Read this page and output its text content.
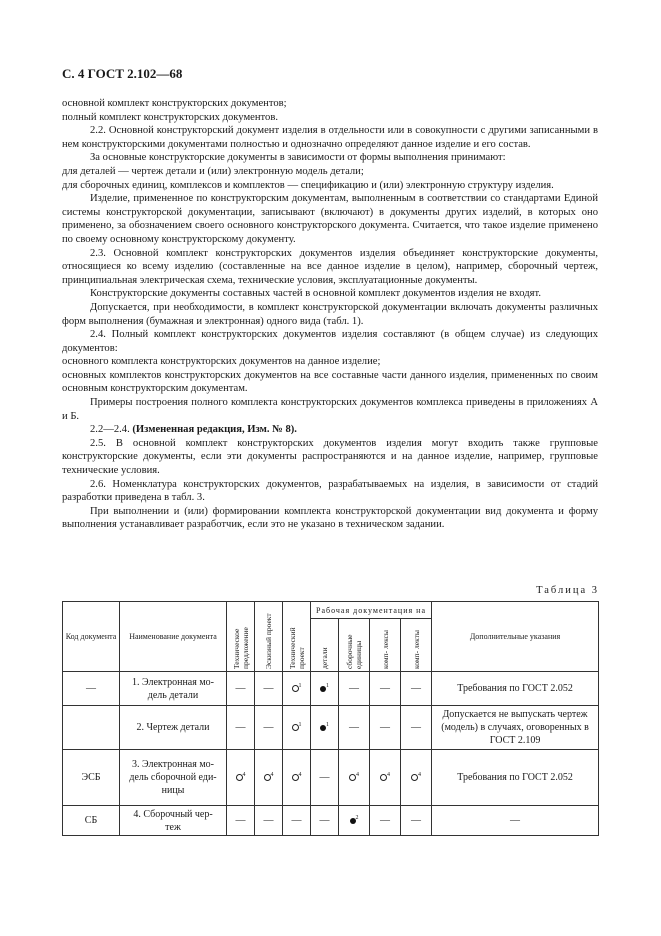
С. 4 ГОСТ 2.102—68

основной комплект конструкторских документов;

полный комплект конструкторских документов.

2.2. Основной конструкторский документ изделия в отдельности или в совокупности с другими записанными в нем конструкторскими документами полностью и однозначно определяют данное изделие и его состав.

За основные конструкторские документы в зависимости от формы выполнения принимают:

для деталей — чертеж детали и (или) электронную модель детали;

для сборочных единиц, комплексов и комплектов — спецификацию и (или) электронную структуру изделия.

Изделие, примененное по конструкторским документам, выполненным в соответствии со стандартами Единой системы конструкторской документации, записывают (включают) в документы других изделий, в которых оно применено, за обозначением своего основного конструкторского документа. Считается, что такое изделие применено по своему основному конструкторскому документу.

2.3. Основной комплект конструкторских документов изделия объединяет конструкторские документы, относящиеся ко всему изделию (составленные на все данное изделие в целом), например, сборочный чертеж, принципиальная электрическая схема, технические условия, эксплуатационные документы.

Конструкторские документы составных частей в основной комплект документов изделия не входят.

Допускается, при необходимости, в комплект конструкторской документации включать документы различных форм выполнения (бумажная и электронная) одного вида (табл. 1).

2.4. Полный комплект конструкторских документов изделия составляют (в общем случае) из следующих документов:

основного комплекта конструкторских документов на данное изделие;

основных комплектов конструкторских документов на все составные части данного изделия, примененных по своим основным конструкторским документам.

Примеры построения полного комплекта конструкторских документов комплекса приведены в приложениях А и Б.

2.2—2.4. (Измененная редакция, Изм. № 8).

2.5. В основной комплект конструкторских документов изделия могут входить также групповые конструкторские документы, если эти документы распространяются и на данное изделие, например, групповые технические условия.

2.6. Номенклатура конструкторских документов, разрабатываемых на изделия, в зависимости от стадий разработки приведена в табл. 3.

При выполнении и (или) формировании комплекта конструкторской документации вид документа и форму выполнения устанавливает разработчик, если это не указано в техническом задании.

Таблица 3
Код документа	Наименование документа	Техническое предложение	Эскизный проект	Технический проект	Рабочая документация на				Дополнительные указания

					детали	сборочные единицы	комп- лексы	комп- лекты	

—	1. Электронная мо-
дель детали	—	—	$^1$	$^1$	—	—	—	Требования по ГОСТ 2.052

	2. Чертеж детали	—	—	$^1$	$^1$	—	—	—	Допускается не выпускать чертеж (модель) в случаях, оговоренных в ГОСТ 2.109
ЭСБ	3. Электронная мо-
дель сборочной еди-
ницы	$^4$	$^4$	$^4$	—	$^4$	$^4$	$^4$	Требования по ГОСТ 2.052
СБ	4. Сборочный чер-
теж	—	—	—	—	$^2$	—	—	—
